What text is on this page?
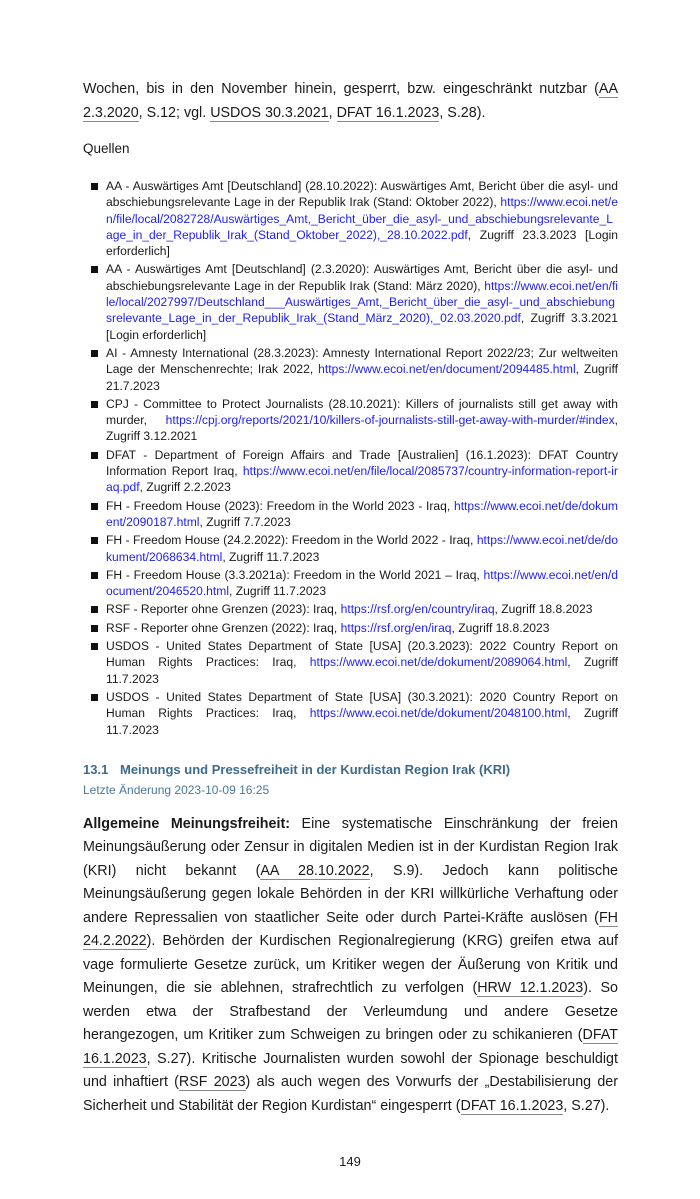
Wochen, bis in den November hinein, gesperrt, bzw. eingeschränkt nutzbar (AA 2.3.2020, S.12; vgl. USDOS 30.3.2021, DFAT 16.1.2023, S.28).

Quellen

AA - Auswärtiges Amt [Deutschland] (28.10.2022): Auswärtiges Amt, Bericht über die asyl- und abschiebungsrelevante Lage in der Republik Irak (Stand: Oktober 2022), https://www.ecoi.net/en/file/local/2082728/Auswärtiges_Amt,_Bericht_über_die_asyl-_und_abschiebungsrelevante_Lage_in_der_Republik_Irak_(Stand_Oktober_2022),_28.10.2022.pdf, Zugriff 23.3.2023 [Login erforderlich]
AA - Auswärtiges Amt [Deutschland] (2.3.2020): Auswärtiges Amt, Bericht über die asyl- und abschiebungsrelevante Lage in der Republik Irak (Stand: März 2020), https://www.ecoi.net/en/file/local/2027997/Deutschland___Auswärtiges_Amt,_Bericht_über_die_asyl-_und_abschiebungsrelevante_Lage_in_der_Republik_Irak_(Stand_März_2020),_02.03.2020.pdf, Zugriff 3.3.2021 [Login erforderlich]
AI - Amnesty International (28.3.2023): Amnesty International Report 2022/23; Zur weltweiten Lage der Menschenrechte; Irak 2022, https://www.ecoi.net/en/document/2094485.html, Zugriff 21.7.2023
CPJ - Committee to Protect Journalists (28.10.2021): Killers of journalists still get away with murder, https://cpj.org/reports/2021/10/killers-of-journalists-still-get-away-with-murder/#index, Zugriff 3.12.2021
DFAT - Department of Foreign Affairs and Trade [Australien] (16.1.2023): DFAT Country Information Report Iraq, https://www.ecoi.net/en/file/local/2085737/country-information-report-iraq.pdf, Zugriff 2.2.2023
FH - Freedom House (2023): Freedom in the World 2023 - Iraq, https://www.ecoi.net/de/dokument/2090187.html, Zugriff 7.7.2023
FH - Freedom House (24.2.2022): Freedom in the World 2022 - Iraq, https://www.ecoi.net/de/dokument/2068634.html, Zugriff 11.7.2023
FH - Freedom House (3.3.2021a): Freedom in the World 2021 – Iraq, https://www.ecoi.net/en/document/2046520.html, Zugriff 11.7.2023
RSF - Reporter ohne Grenzen (2023): Iraq, https://rsf.org/en/country/iraq, Zugriff 18.8.2023
RSF - Reporter ohne Grenzen (2022): Iraq, https://rsf.org/en/iraq, Zugriff 18.8.2023
USDOS - United States Department of State [USA] (20.3.2023): 2022 Country Report on Human Rights Practices: Iraq, https://www.ecoi.net/de/dokument/2089064.html, Zugriff 11.7.2023
USDOS - United States Department of State [USA] (30.3.2021): 2020 Country Report on Human Rights Practices: Iraq, https://www.ecoi.net/de/dokument/2048100.html, Zugriff 11.7.2023
13.1 Meinungs und Pressefreiheit in der Kurdistan Region Irak (KRI)
Letzte Änderung 2023-10-09 16:25

Allgemeine Meinungsfreiheit: Eine systematische Einschränkung der freien Meinungsäußerung oder Zensur in digitalen Medien ist in der Kurdistan Region Irak (KRI) nicht bekannt (AA 28.10.2022, S.9). Jedoch kann politische Meinungsäußerung gegen lokale Behörden in der KRI willkürliche Verhaftung oder andere Repressalien von staatlicher Seite oder durch Partei-Kräfte auslösen (FH 24.2.2022). Behörden der Kurdischen Regionalregierung (KRG) greifen etwa auf vage formulierte Gesetze zurück, um Kritiker wegen der Äußerung von Kritik und Meinungen, die sie ablehnen, strafrechtlich zu verfolgen (HRW 12.1.2023). So werden etwa der Strafbestand der Verleumdung und andere Gesetze herangezogen, um Kritiker zum Schweigen zu bringen oder zu schikanieren (DFAT 16.1.2023, S.27). Kritische Journalisten wurden sowohl der Spionage beschuldigt und inhaftiert (RSF 2023) als auch wegen des Vorwurfs der „Destabilisierung der Sicherheit und Stabilität der Region Kurdistan“ eingesperrt (DFAT 16.1.2023, S.27).

149
